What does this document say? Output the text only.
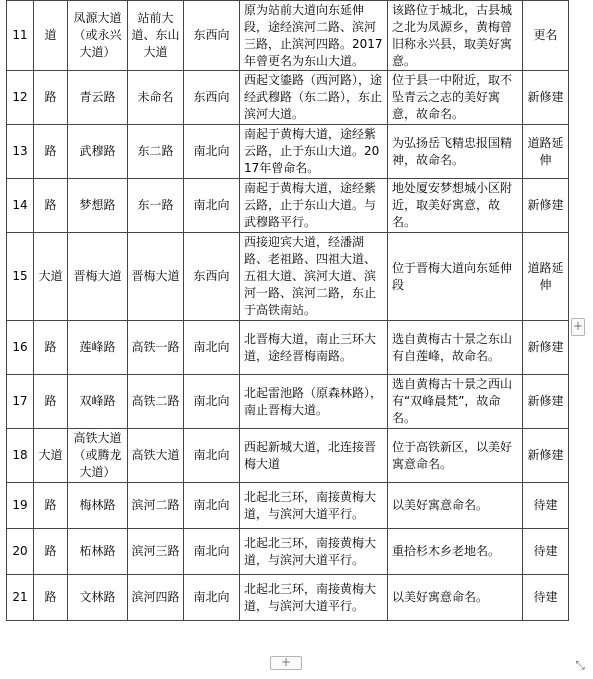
11	道	凤源大道（或永兴大道）	站前大道、东山大道	东西向	原为站前大道向东延伸段，途经滨河二路、滨河三路，止滨河四路。2017年曾更名为东山大道。	该路位于城北，古县城之北为凤源乡，黄梅曾旧称永兴县，取美好寓意。	更名
12	路	青云路	未命名	东西向	西起文鎏路（西河路），途经武穆路（东二路），东止滨河大道。	位于县一中附近，取不坠青云之志的美好寓意，故命名。	新修建
13	路	武穆路	东二路	南北向	南起于黄梅大道，途经紫云路，止于东山大道。2017年曾命名。	为弘扬岳飞精忠报国精神，故命名。	道路延伸
14	路	梦想路	东一路	南北向	南起于黄梅大道，途经紫云路，止于东山大道。与武穆路平行。	地处厦安梦想城小区附近，取美好寓意，故名。	新修建
15	大道	晋梅大道	晋梅大道	东西向	西接迎宾大道，经潘湖路、老祖路、四祖大道、五祖大道、滨河大道、滨河一路、滨河二路，东止于高铁南站。	位于晋梅大道向东延伸段	道路延伸
16	路	莲峰路	高铁一路	南北向	北晋梅大道，南止三环大道，途经晋梅南路。	选自黄梅古十景之东山有自莲峰，故命名。	新修建
17	路	双峰路	高铁二路	南北向	北起雷池路（原森林路），南止晋梅大道。	选自黄梅古十景之西山有“双峰晨梵”，故命名。	新修建
18	大道	高铁大道（或腾龙大道）	高铁大道	南北向	西起新城大道，北连接晋梅大道	位于高铁新区，以美好寓意命名。	新修建
19	路	梅林路	滨河二路	南北向	北起北三环，南接黄梅大道，与滨河大道平行。	以美好寓意命名。	待建
20	路	柘林路	滨河三路	南北向	北起北三环，南接黄梅大道，与滨河大道平行。	重拾杉木乡老地名。	待建
21	路	文林路	滨河四路	南北向	北起北三环，南接黄梅大道，与滨河大道平行。	以美好寓意命名。	待建
+
+	⤡
